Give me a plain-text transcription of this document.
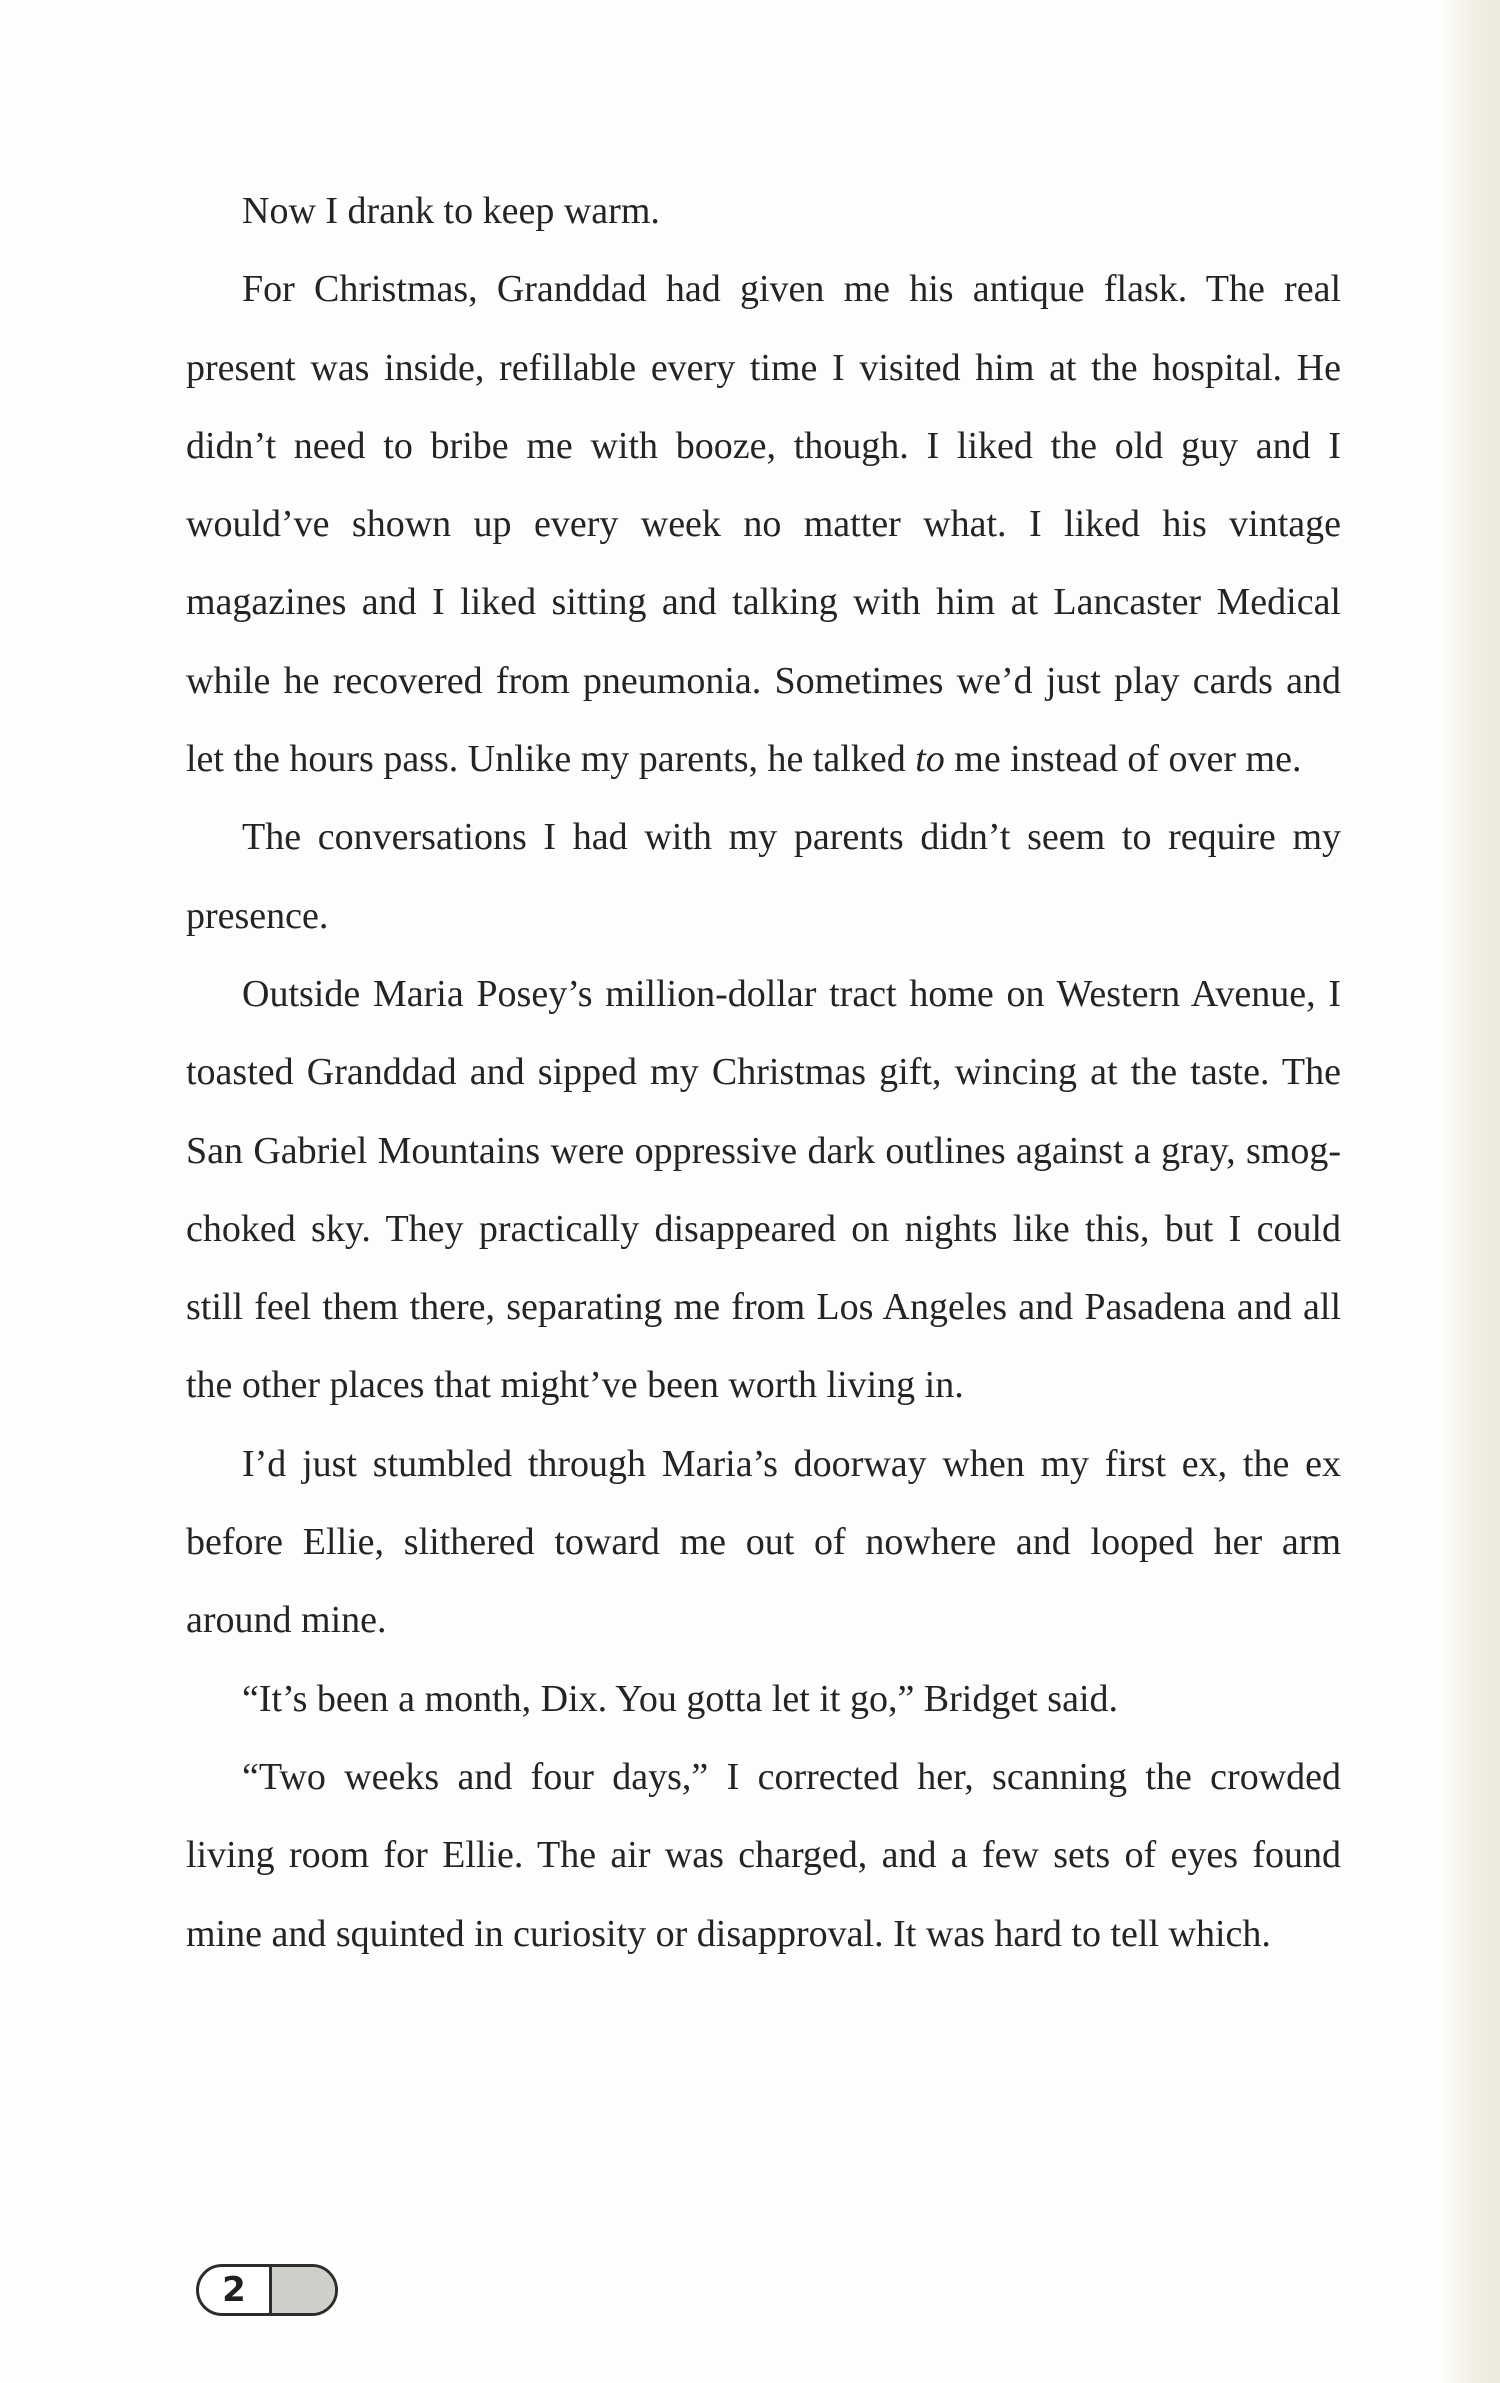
Now I drank to keep warm.

For Christmas, Granddad had given me his antique flask. The real present was inside, refillable every time I visited him at the hospital. He didn’t need to bribe me with booze, though. I liked the old guy and I would’ve shown up every week no matter what. I liked his vintage magazines and I liked sitting and talking with him at Lancaster Medical while he recovered from pneumonia. Sometimes we’d just play cards and let the hours pass. Unlike my parents, he talked to me instead of over me.

The conversations I had with my parents didn’t seem to require my presence.

Outside Maria Posey’s million-dollar tract home on Western Avenue, I toasted Granddad and sipped my Christmas gift, wincing at the taste. The San Gabriel Mountains were oppressive dark outlines against a gray, smog-choked sky. They practically disappeared on nights like this, but I could still feel them there, separating me from Los Angeles and Pasadena and all the other places that might’ve been worth living in.

I’d just stumbled through Maria’s doorway when my first ex, the ex before Ellie, slithered toward me out of nowhere and looped her arm around mine.

“It’s been a month, Dix. You gotta let it go,” Bridget said.

“Two weeks and four days,” I corrected her, scanning the crowded living room for Ellie. The air was charged, and a few sets of eyes found mine and squinted in curiosity or disapproval. It was hard to tell which.

2
